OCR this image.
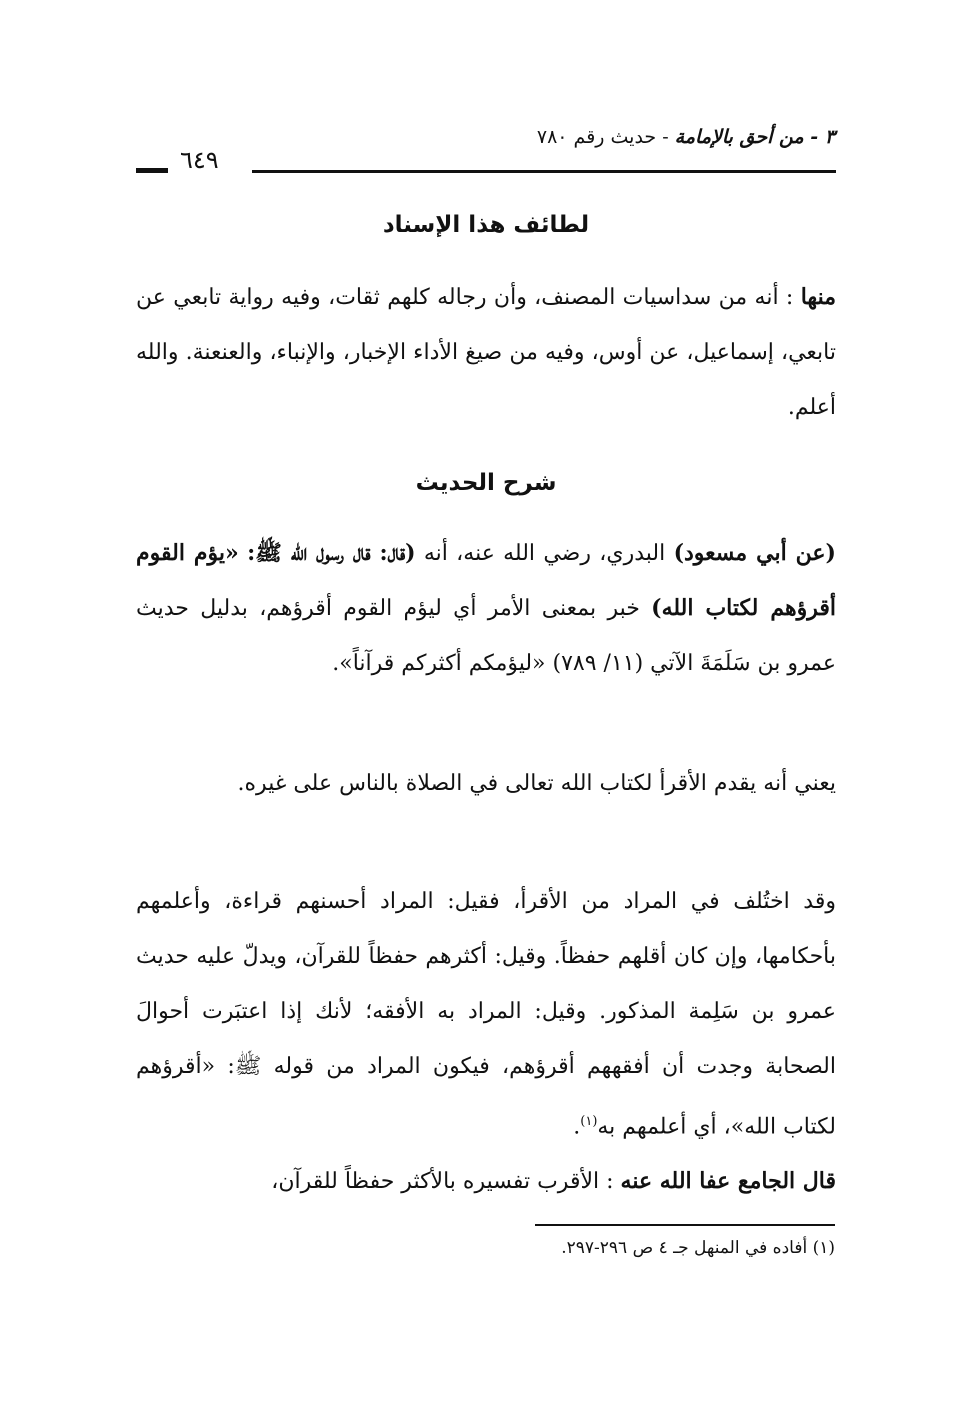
٣ - من أحق بالإمامة - حديث رقم ٧٨٠
٦٤٩
لطائف هذا الإسناد
منها : أنه من سداسيات المصنف، وأن رجاله كلهم ثقات، وفيه رواية تابعي عن تابعي، إسماعيل، عن أوس، وفيه من صيغ الأداء الإخبار، والإنباء، والعنعنة. والله أعلم.
شرح الحديث
(عن أبي مسعود) البدري، رضي الله عنه، أنه (قال: قال رسول الله ﷺ: «يؤم القوم أقرؤهم لكتاب الله) خبر بمعنى الأمر أي ليؤم القوم أقرؤهم، بدليل حديث عمرو بن سَلَمَةَ الآتي (١١/ ٧٨٩) «ليؤمكم أكثركم قرآناً».
يعني أنه يقدم الأقرأ لكتاب الله تعالى في الصلاة بالناس على غيره.
وقد اختُلف في المراد من الأقرأ، فقيل: المراد أحسنهم قراءة، وأعلمهم بأحكامها، وإن كان أقلهم حفظاً. وقيل: أكثرهم حفظاً للقرآن، ويدلّ عليه حديث عمرو بن سَلِمة المذكور. وقيل: المراد به الأفقه؛ لأنك إذا اعتبَرت أحوالَ الصحابة وجدت أن أفقههم أقرؤهم، فيكون المراد من قوله ﷺ: «أقرؤهم لكتاب الله»، أي أعلمهم به$^{(١)}$.
قال الجامع عفا الله عنه : الأقرب تفسيره بالأكثر حفظاً للقرآن،
(١) أفاده في المنهل جـ ٤ ص ٢٩٦-٢٩٧.
